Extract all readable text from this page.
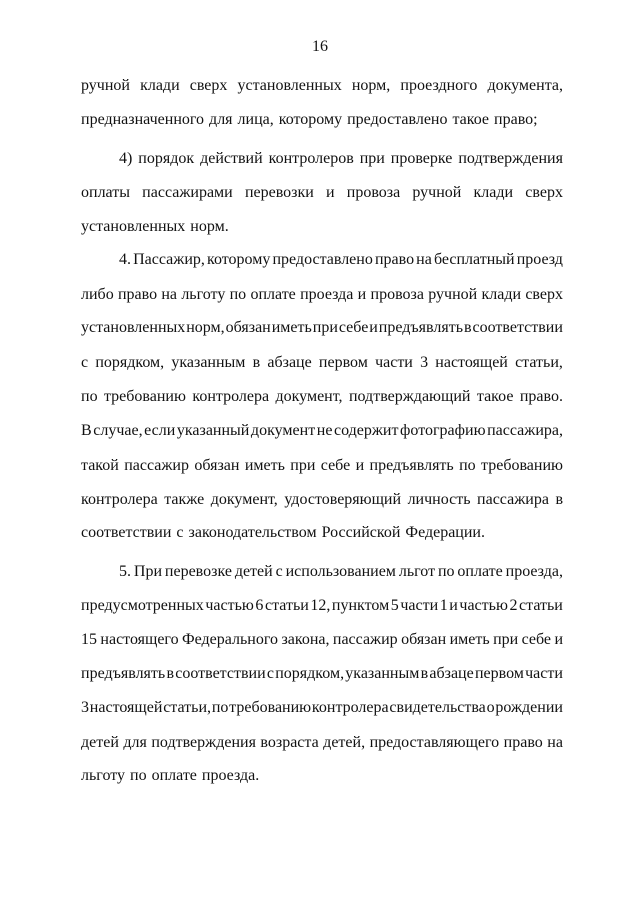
16
ручной клади сверх установленных норм, проездного документа,
предназначенного для лица, которому предоставлено такое право;
4) порядок действий контролеров при проверке подтверждения
оплаты пассажирами перевозки и провоза ручной клади сверх
установленных норм.
4. Пассажир, которому предоставлено право на бесплатный проезд
либо право на льготу по оплате проезда и провоза ручной клади сверх
установленных норм, обязан иметь при себе и предъявлять в соответствии
с порядком, указанным в абзаце первом части 3 настоящей статьи,
по требованию контролера документ, подтверждающий такое право.
В случае, если указанный документ не содержит фотографию пассажира,
такой пассажир обязан иметь при себе и предъявлять по требованию
контролера также документ, удостоверяющий личность пассажира в
соответствии с законодательством Российской Федерации.
5. При перевозке детей с использованием льгот по оплате проезда,
предусмотренных частью 6 статьи 12, пунктом 5 части 1 и частью 2 статьи
15 настоящего Федерального закона, пассажир обязан иметь при себе и
предъявлять в соответствии с порядком, указанным в абзаце первом части
3 настоящей статьи, по требованию контролера свидетельства о рождении
детей для подтверждения возраста детей, предоставляющего право на
льготу по оплате проезда.
